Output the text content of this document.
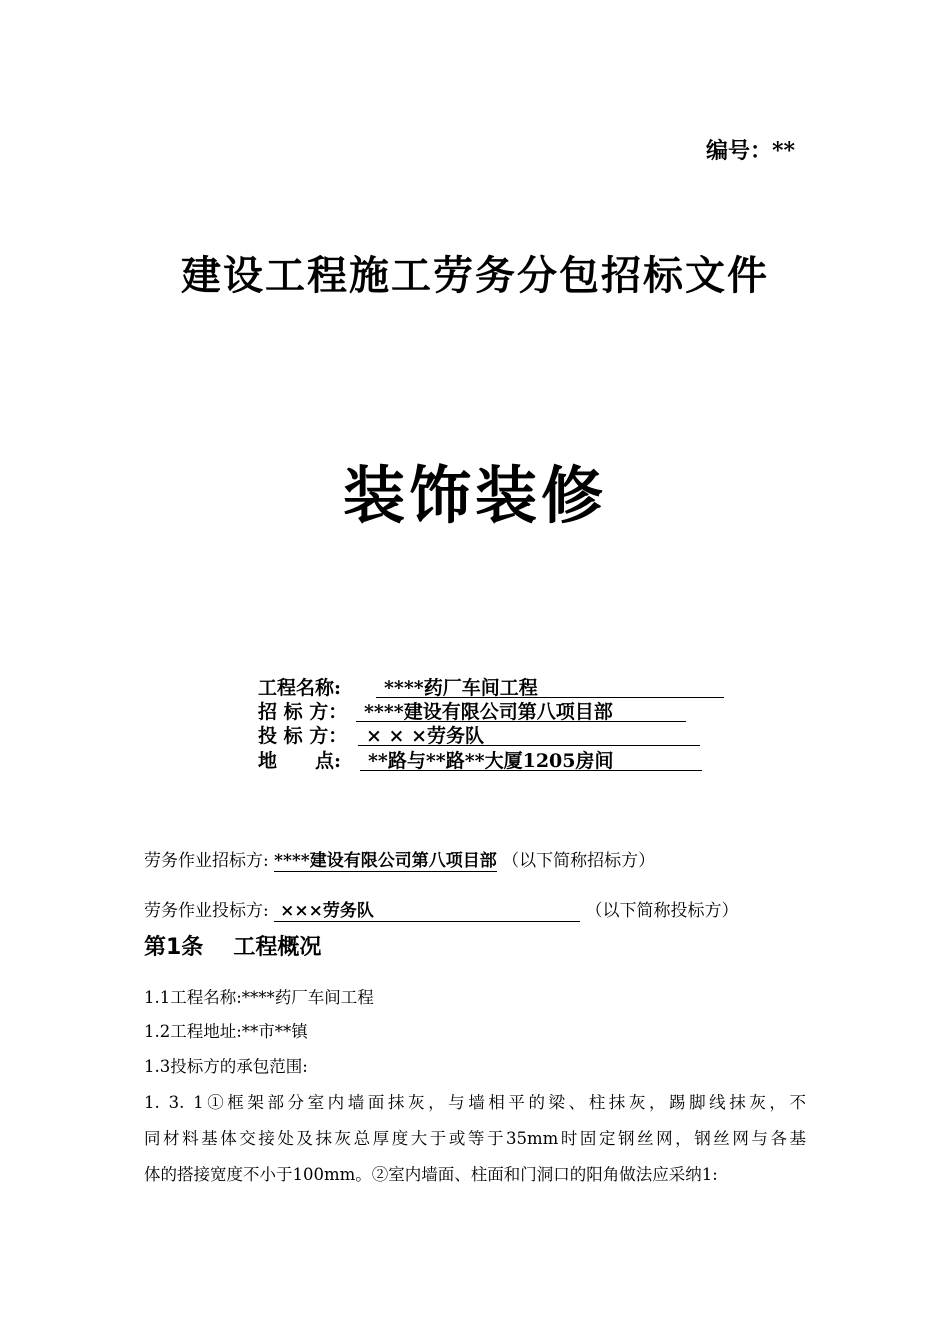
编号：**
建设工程施工劳务分包招标文件
装饰装修
工程名称:	****药厂车间工程
招 标 方： ****建设有限公司第八项目部
投 标 方： × × ×劳务队
地　　点:	**路与**路**大厦1205房间
劳务作业招标方: ****建设有限公司第八项目部 （以下简称招标方）
劳务作业投标方: ×××劳务队	（以下简称投标方）
第1条 工程概况
1.1工程名称:****药厂车间工程
1.2工程地址:**市**镇
1.3投标方的承包范围:
1. 3. 1①框架部分室内墙面抹灰，与墙相平的梁、柱抹灰，踢脚线抹灰，不
同材料基体交接处及抹灰总厚度大于或等于35mm时固定钢丝网，钢丝网与各基
体的搭接宽度不小于100mm。②室内墙面、柱面和门洞口的阳角做法应采纳1:
